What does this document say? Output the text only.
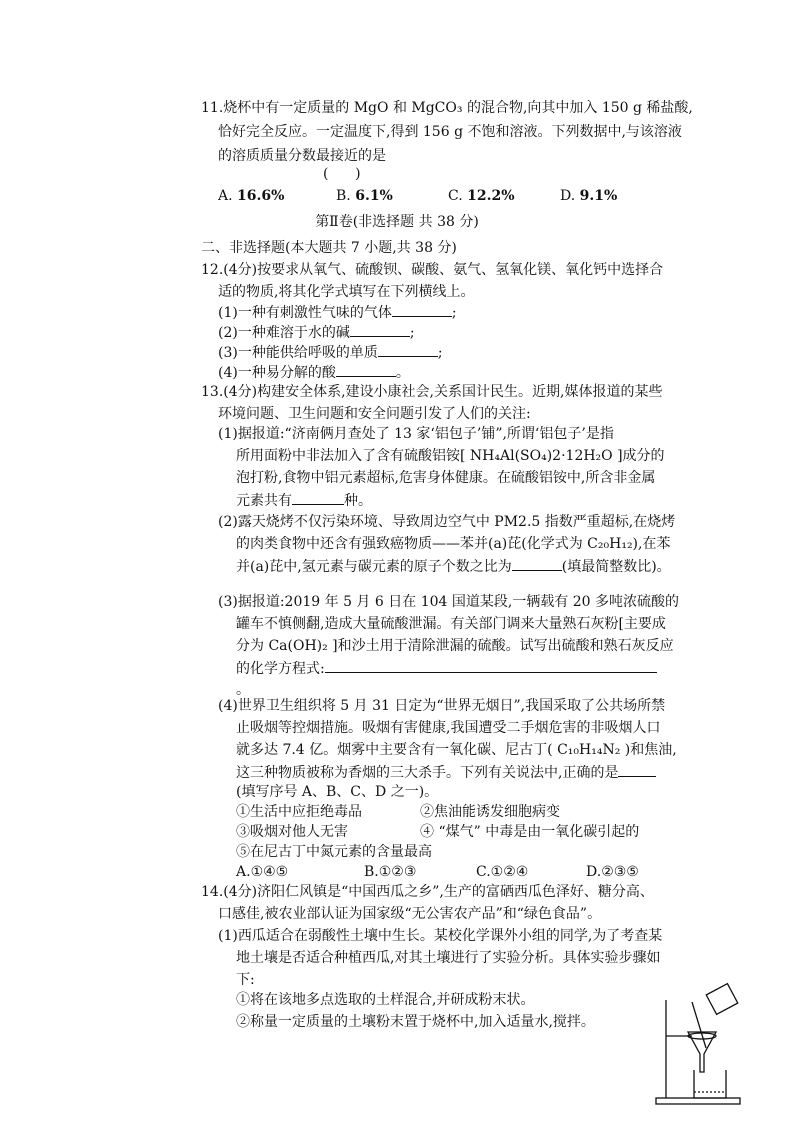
11.烧杯中有一定质量的 MgO 和 MgCO₃ 的混合物,向其中加入 150 g 稀盐酸,
恰好完全反应。一定温度下,得到 156 g 不饱和溶液。下列数据中,与该溶液
的溶质质量分数最接近的是
(      )
A. 16.6%	B. 6.1%	C. 12.2%	D. 9.1%
第Ⅱ卷(非选择题 共 38 分)
二、非选择题(本大题共 7 小题,共 38 分)
12.(4分)按要求从氧气、硫酸钡、碳酸、氨气、氢氧化镁、氧化钙中选择合
适的物质,将其化学式填写在下列横线上。
(1)一种有刺激性气味的气体	;
(2)一种难溶于水的碱	;
(3)一种能供给呼吸的单质	;
(4)一种易分解的酸	。
13.(4分)构建安全体系,建设小康社会,关系国计民生。近期,媒体报道的某些
环境问题、卫生问题和安全问题引发了人们的关注:
(1)据报道:“济南俩月查处了 13 家‘铝包子’铺”,所谓‘铝包子’是指
所用面粉中非法加入了含有硫酸铝铵[ NH₄Al(SO₄)2·12H₂O ]成分的
泡打粉,食物中铝元素超标,危害身体健康。在硫酸铝铵中,所含非金属
元素共有	种。
(2)露天烧烤不仅污染环境、导致周边空气中 PM2.5 指数严重超标,在烧烤
的肉类食物中还含有强致癌物质——苯并(a)芘(化学式为 C₂₀H₁₂),在苯
并(a)芘中,氢元素与碳元素的原子个数之比为	(填最简整数比)。
(3)据报道:2019 年 5 月 6 日在 104 国道某段,一辆载有 20 多吨浓硫酸的
罐车不慎侧翻,造成大量硫酸泄漏。有关部门调来大量熟石灰粉[主要成
分为 Ca(OH)₂ ]和沙土用于清除泄漏的硫酸。试写出硫酸和熟石灰反应
的化学方程式:
。
(4)世界卫生组织将 5 月 31 日定为“世界无烟日”,我国采取了公共场所禁
止吸烟等控烟措施。吸烟有害健康,我国遭受二手烟危害的非吸烟人口
就多达 7.4 亿。烟雾中主要含有一氧化碳、尼古丁( C₁₀H₁₄N₂ )和焦油,
这三种物质被称为香烟的三大杀手。下列有关说法中,正确的是
(填写序号 A、B、C、D 之一)。
①生活中应拒绝毒品	②焦油能诱发细胞病变
③吸烟对他人无害	④ “煤气” 中毒是由一氧化碳引起的
⑤在尼古丁中氮元素的含量最高
A.①④⑤	B.①②③	C.①②④	D.②③⑤
14.(4分)济阳仁风镇是“中国西瓜之乡”,生产的富硒西瓜色泽好、糖分高、
口感佳,被农业部认证为国家级“无公害农产品”和“绿色食品”。
(1)西瓜适合在弱酸性土壤中生长。某校化学课外小组的同学,为了考查某
地土壤是否适合种植西瓜,对其土壤进行了实验分析。具体实验步骤如
下:
①将在该地多点选取的土样混合,并研成粉末状。
②称量一定质量的土壤粉末置于烧杯中,加入适量水,搅拌。
